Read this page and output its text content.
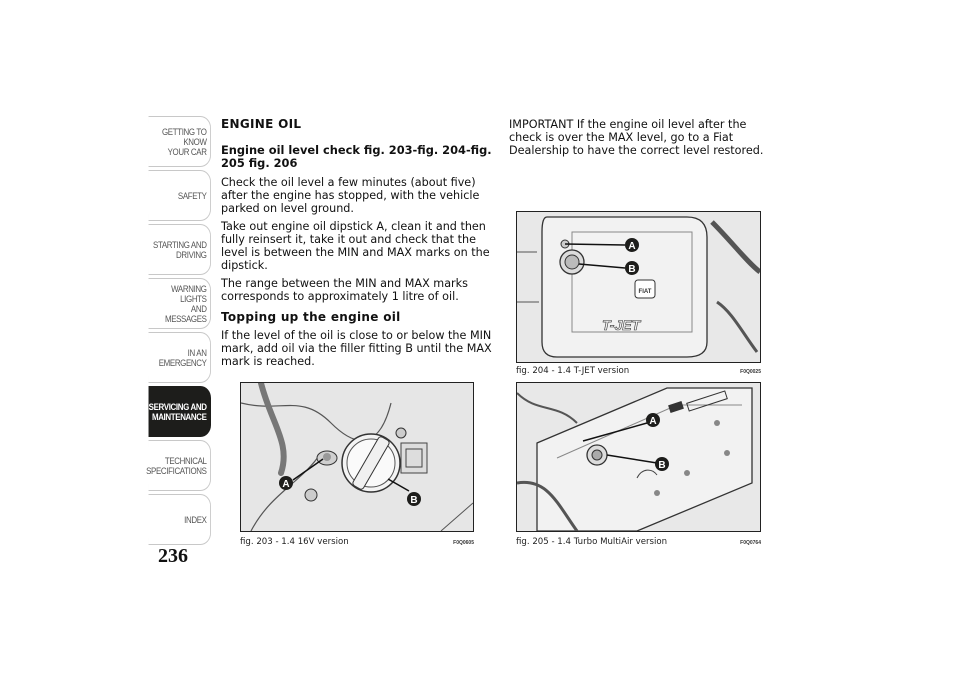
GETTING TO KNOW
YOUR CAR
SAFETY
STARTING AND
DRIVING
WARNING LIGHTS
AND MESSAGES
IN AN EMERGENCY
SERVICING AND
MAINTENANCE
TECHNICAL
SPECIFICATIONS
INDEX
236
ENGINE OIL
Engine oil level check fig. 203-fig. 204-fig. 205 fig. 206

Check the oil level a few minutes (about five) after the engine has stopped, with the vehicle parked on level ground.

Take out engine oil dipstick A, clean it and then fully reinsert it, take it out and check that the level is between the MIN and MAX marks on the dipstick.

The range between the MIN and MAX marks corresponds to approximately 1 litre of oil.

Topping up the engine oil

If the level of the oil is close to or below the MIN mark, add oil via the filler fitting B until the MAX mark is reached.

IMPORTANT If the engine oil level after the check is over the MAX level, go to a Fiat Dealership to have the correct level restored.

A
B
fig. 203 - 1.4 16V version	F0Q0605
FIAT
T-JET
A
B
fig. 204 - 1.4 T-JET version	F0Q0025
A
B
fig. 205 - 1.4 Turbo MultiAir version	F0Q0764
